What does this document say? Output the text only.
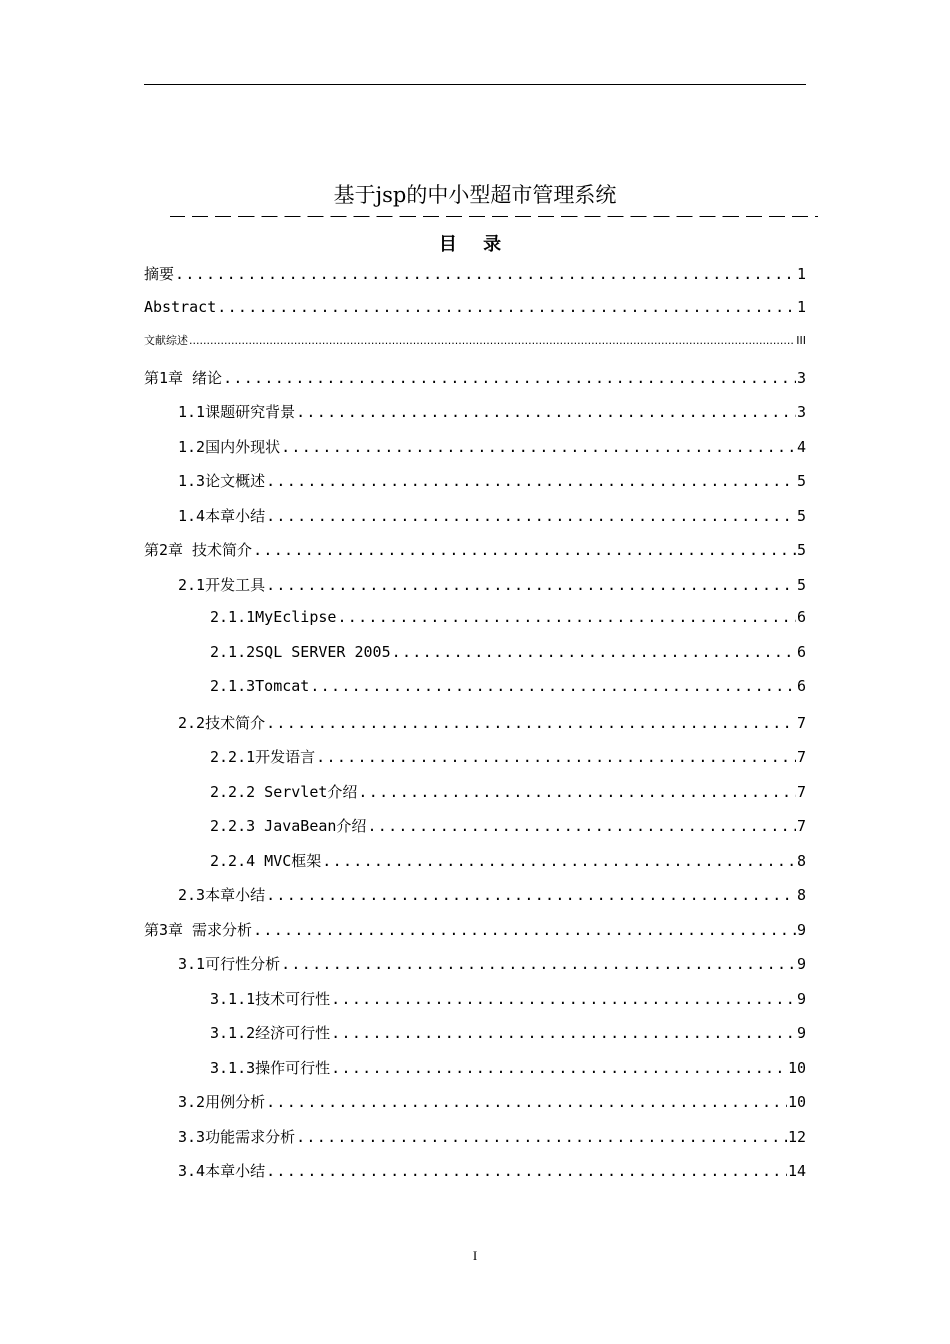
基于jsp的中小型超市管理系统
目 录
摘要 .....	1
Abstract .....	1
文献综述 .....	III
第1章 绪论 .....	3
1.1课题研究背景 .....	3
1.2国内外现状 .....	4
1.3论文概述 .....	5
1.4本章小结 .....	5
第2章 技术简介 .....	5
2.1开发工具 .....	5
2.1.1MyEclipse .....	6
2.1.2SQL SERVER 2005 .....	6
2.1.3Tomcat .....	6
2.2技术简介 .....	7
2.2.1开发语言 .....	7
2.2.2 Servlet介绍 .....	7
2.2.3 JavaBean介绍 .....	7
2.2.4 MVC框架 .....	8
2.3本章小结 .....	8
第3章 需求分析 .....	9
3.1可行性分析 .....	9
3.1.1技术可行性 .....	9
3.1.2经济可行性 .....	9
3.1.3操作可行性 .....	10
3.2用例分析 .....	10
3.3功能需求分析 .....	12
3.4本章小结 .....	14
I
